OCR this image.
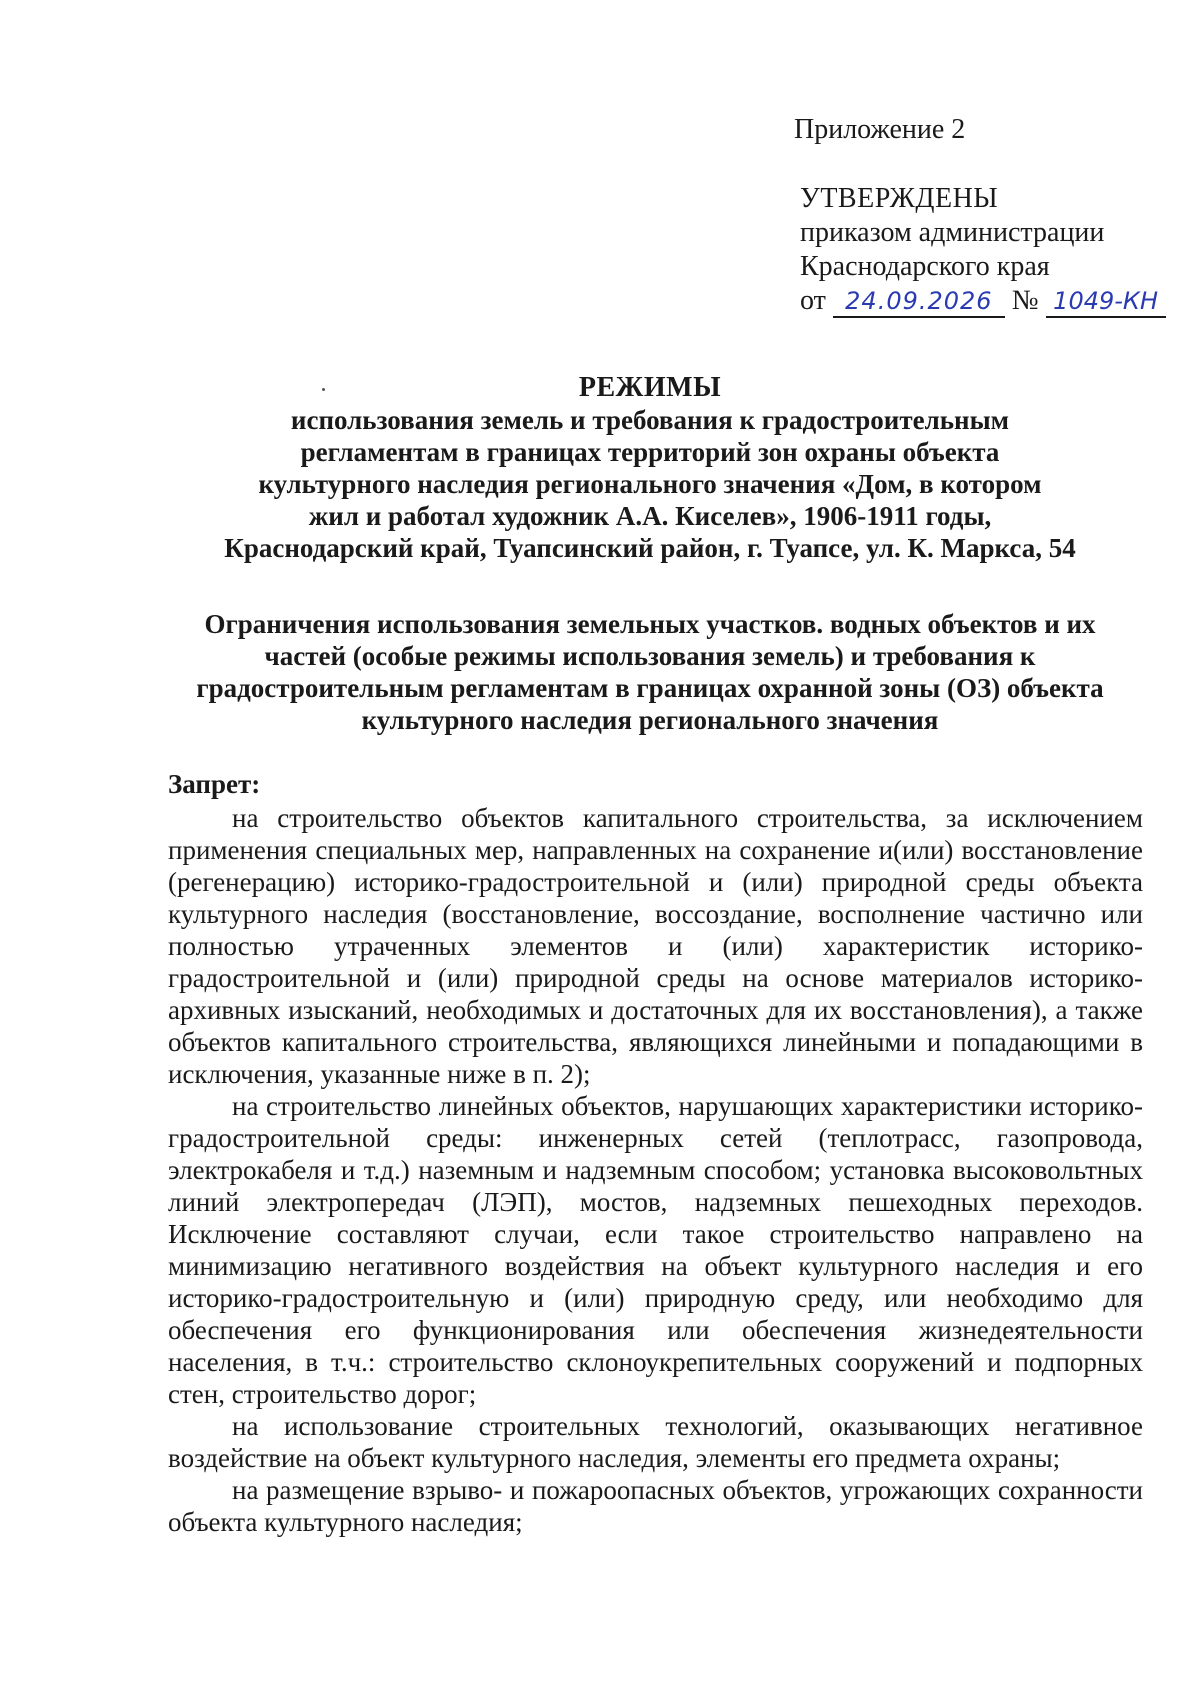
Приложение 2
УТВЕРЖДЕНЫ
приказом администрации
Краснодарского края
от 24.09.2026 № 1049-КН
РЕЖИМЫ
использования земель и требования к градостроительным
регламентам в границах территорий зон охраны объекта
культурного наследия регионального значения «Дом, в котором
жил и работал художник А.А. Киселев», 1906-1911 годы,
Краснодарский край, Туапсинский район, г. Туапсе, ул. К. Маркса, 54
Ограничения использования земельных участков. водных объектов и их
частей (особые режимы использования земель) и требования к
градостроительным регламентам в границах охранной зоны (ОЗ) объекта
культурного наследия регионального значения
Запрет:

на строительство объектов капитального строительства, за исключением применения специальных мер, направленных на сохранение и(или) восстановление (регенерацию) историко-градостроительной и (или) природной среды объекта культурного наследия (восстановление, воссоздание, восполнение частично или полностью утраченных элементов и (или) характеристик историко-градостроительной и (или) природной среды на основе материалов историко-архивных изысканий, необходимых и достаточных для их восстановления), а также объектов капитального строительства, являющихся линейными и попадающими в исключения, указанные ниже в п. 2);

на строительство линейных объектов, нарушающих характеристики историко-градостроительной среды: инженерных сетей (теплотрасс, газопровода, электрокабеля и т.д.) наземным и надземным способом; установка высоковольтных линий электропередач (ЛЭП), мостов, надземных пешеходных переходов. Исключение составляют случаи, если такое строительство направлено на минимизацию негативного воздействия на объект культурного наследия и его историко-градостроительную и (или) природную среду, или необходимо для обеспечения его функционирования или обеспечения жизнедеятельности населения, в т.ч.: строительство склоноукрепительных сооружений и подпорных стен, строительство дорог;

на использование строительных технологий, оказывающих негативное воздействие на объект культурного наследия, элементы его предмета охраны;

на размещение взрыво- и пожароопасных объектов, угрожающих сохранности объекта культурного наследия;
